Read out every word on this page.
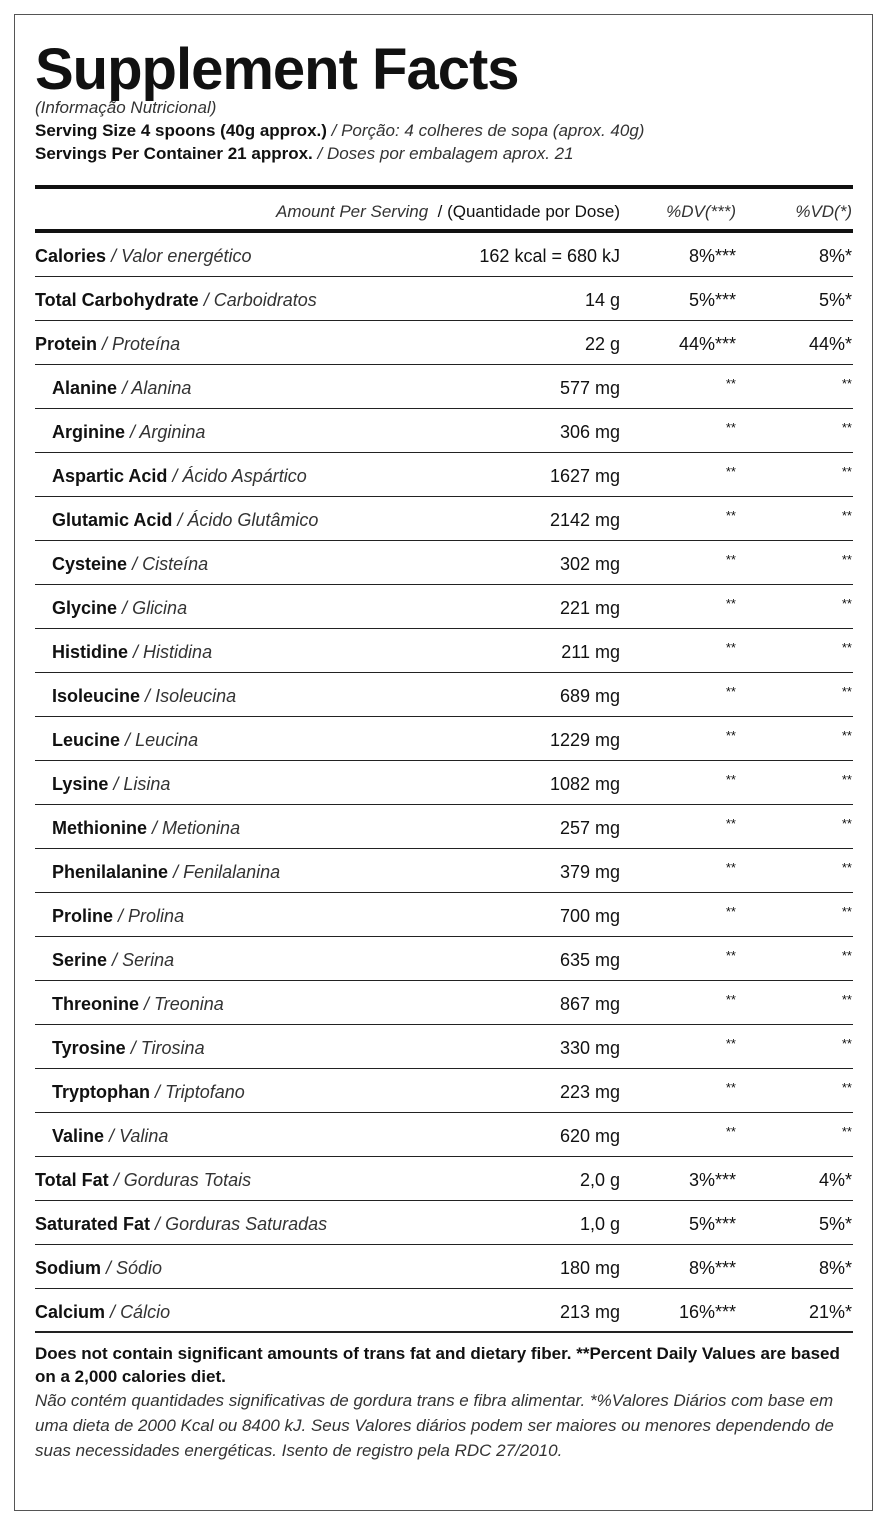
Supplement Facts
(Informação Nutricional)
Serving Size 4 spoons (40g approx.) / Porção: 4 colheres de sopa (aprox. 40g)
Servings Per Container 21 approx. / Doses por embalagem aprox. 21
Amount Per Serving  / (Quantidade por Dose)	%DV(***)	%VD(*)
Calories / Valor energético	162 kcal = 680 kJ	8%***	8%*
Total Carbohydrate / Carboidratos	14 g	5%***	5%*
Protein / Proteína	22 g	44%***	44%*
Alanine / Alanina	577 mg	**	**
Arginine / Arginina	306 mg	**	**
Aspartic Acid / Ácido Aspártico	1627 mg	**	**
Glutamic Acid / Ácido Glutâmico	2142 mg	**	**
Cysteine / Cisteína	302 mg	**	**
Glycine / Glicina	221 mg	**	**
Histidine / Histidina	211 mg	**	**
Isoleucine / Isoleucina	689 mg	**	**
Leucine / Leucina	1229 mg	**	**
Lysine / Lisina	1082 mg	**	**
Methionine / Metionina	257 mg	**	**
Phenilalanine / Fenilalanina	379 mg	**	**
Proline / Prolina	700 mg	**	**
Serine / Serina	635 mg	**	**
Threonine / Treonina	867 mg	**	**
Tyrosine / Tirosina	330 mg	**	**
Tryptophan / Triptofano	223 mg	**	**
Valine / Valina	620 mg	**	**
Total Fat / Gorduras Totais	2,0 g	3%***	4%*
Saturated Fat / Gorduras Saturadas	1,0 g	5%***	5%*
Sodium / Sódio	180 mg	8%***	8%*
Calcium / Cálcio	213 mg	16%***	21%*

Does not contain significant amounts of trans fat and dietary fiber. **Percent Daily Values are based on a 2,000 calories diet.

Não contém quantidades significativas de gordura trans e fibra alimentar. *%Valores Diários com base em uma dieta de 2000 Kcal ou 8400 kJ. Seus Valores diários podem ser maiores ou menores dependendo de suas necessidades energéticas. Isento de registro pela RDC 27/2010.
